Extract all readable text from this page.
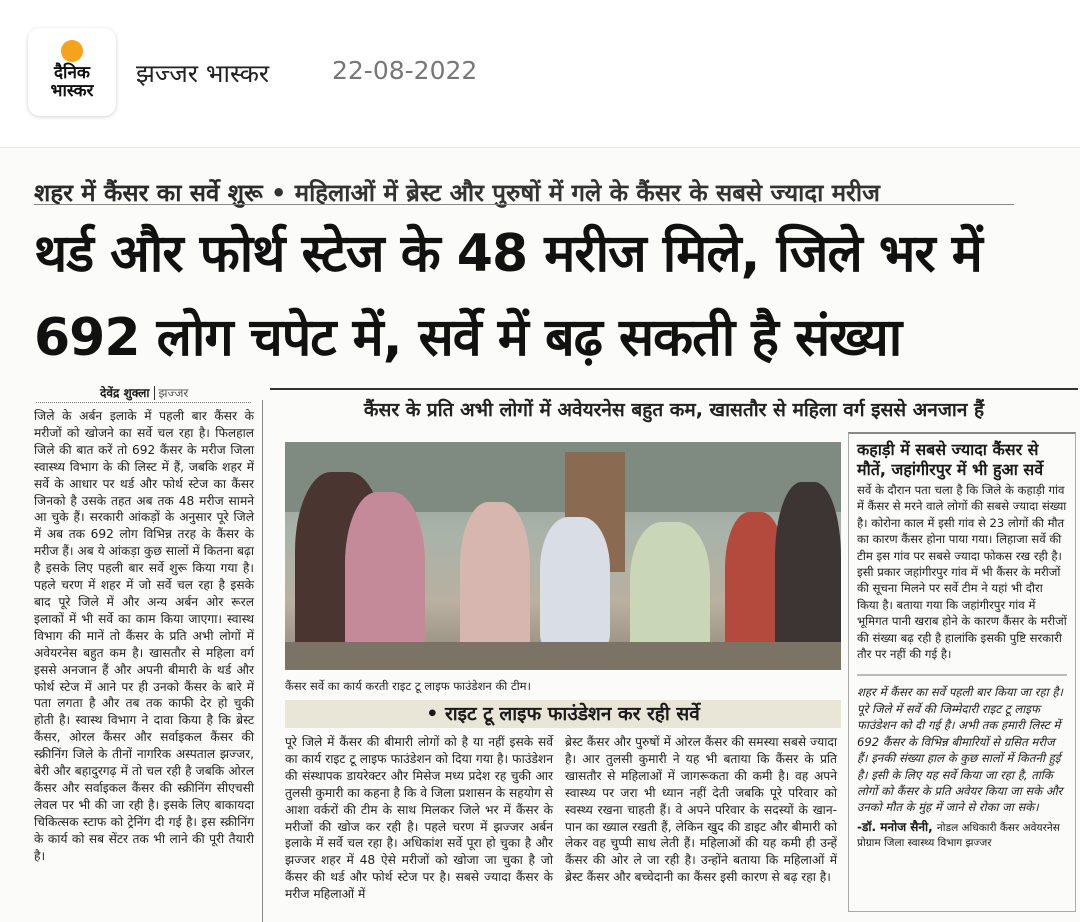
दैनिक
भास्कर
झज्जर भास्कर	22-08-2022
शहर में कैंसर का सर्वे शुरू • महिलाओं में ब्रेस्ट और पुरुषों में गले के कैंसर के सबसे ज्यादा मरीज
थर्ड और फोर्थ स्टेज के 48 मरीज मिले, जिले भर में 692 लोग चपेट में, सर्वे में बढ़ सकती है संख्या
देवेंद्र शुक्ला झज्जर
जिले के अर्बन इलाके में पहली बार कैंसर के मरीजों को खोजने का सर्वे चल रहा है। फिलहाल जिले की बात करें तो 692 कैंसर के मरीज जिला स्वास्थ्य विभाग के की लिस्ट में हैं, जबकि शहर में सर्वे के आधार पर थर्ड और फोर्थ स्टेज का कैंसर जिनको है उसके तहत अब तक 48 मरीज सामने आ चुके हैं। सरकारी आंकड़ों के अनुसार पूरे जिले में अब तक 692 लोग विभिन्न तरह के कैंसर के मरीज हैं। अब ये आंकड़ा कुछ सालों में कितना बढ़ा है इसके लिए पहली बार सर्वे शुरू किया गया है। पहले चरण में शहर में जो सर्वे चल रहा है इसके बाद पूरे जिले में और अन्य अर्बन ओर रूरल इलाकों में भी सर्वे का काम किया जाएगा। स्वास्थ विभाग की मानें तो कैंसर के प्रति अभी लोगों में अवेयरनेस बहुत कम है। खासतौर से महिला वर्ग इससे अनजान हैं और अपनी बीमारी के थर्ड और फोर्थ स्टेज में आने पर ही उनको कैंसर के बारे में पता लगता है और तब तक काफी देर हो चुकी होती है। स्वास्थ विभाग ने दावा किया है कि ब्रेस्ट कैंसर, ओरल कैंसर और सर्वाइकल कैंसर की स्क्रीनिंग जिले के तीनों नागरिक अस्पताल झज्जर, बेरी और बहादुरगढ़ में तो चल रही है जबकि ओरल कैंसर और सर्वाइकल कैंसर की स्क्रीनिंग सीएचसी लेवल पर भी की जा रही है। इसके लिए बाकायदा चिकित्सक स्टाफ को ट्रेनिंग दी गई है। इस स्क्रीनिंग के कार्य को सब सेंटर तक भी लाने की पूरी तैयारी है।
कैंसर के प्रति अभी लोगों में अवेयरनेस बहुत कम, खासतौर से महिला वर्ग इससे अनजान हैं
कैंसर सर्वे का कार्य करती राइट टू लाइफ फाउंडेशन की टीम।
• राइट टू लाइफ फाउंडेशन कर रही सर्वे
पूरे जिले में कैंसर की बीमारी लोगों को है या नहीं इसके सर्वे का कार्य राइट टू लाइफ फाउंडेशन को दिया गया है। फाउंडेशन की संस्थापक डायरेक्टर और मिसेज मध्य प्रदेश रह चुकी आर तुलसी कुमारी का कहना है कि वे जिला प्रशासन के सहयोग से आशा वर्करों की टीम के साथ मिलकर जिले भर में कैंसर के मरीजों की खोज कर रही है। पहले चरण में झज्जर अर्बन इलाके में सर्वे चल रहा है। अधिकांश सर्वे पूरा हो चुका है और झज्जर शहर में 48 ऐसे मरीजों को खोजा जा चुका है जो कैंसर की थर्ड और फोर्थ स्टेज पर है। सबसे ज्यादा कैंसर के मरीज महिलाओं में
ब्रेस्ट कैंसर और पुरुषों में ओरल कैंसर की समस्या सबसे ज्यादा है। आर तुलसी कुमारी ने यह भी बताया कि कैंसर के प्रति खासतौर से महिलाओं में जागरूकता की कमी है। वह अपने स्वास्थ्य पर जरा भी ध्यान नहीं देती जबकि पूरे परिवार को स्वस्थ्य रखना चाहती हैं। वे अपने परिवार के सदस्यों के खान-पान का ख्याल रखती हैं, लेकिन खुद की डाइट और बीमारी को लेकर वह चुप्पी साध लेती हैं। महिलाओं की यह कमी ही उन्हें कैंसर की ओर ले जा रही है। उन्होंने बताया कि महिलाओं में ब्रेस्ट कैंसर और बच्चेदानी का कैंसर इसी कारण से बढ़ रहा है।
कहाड़ी में सबसे ज्यादा कैंसर से मौतें, जहांगीरपुर में भी हुआ सर्वे

सर्वे के दौरान पता चला है कि जिले के कहाड़ी गांव में कैंसर से मरने वाले लोगों की सबसे ज्यादा संख्या है। कोरोना काल में इसी गांव से 23 लोगों की मौत का कारण कैंसर होना पाया गया। लिहाजा सर्वे की टीम इस गांव पर सबसे ज्यादा फोकस रख रही है। इसी प्रकार जहांगीरपुर गांव में भी कैंसर के मरीजों की सूचना मिलने पर सर्वे टीम ने यहां भी दौरा किया है। बताया गया कि जहांगीरपुर गांव में भूमिगत पानी खराब होने के कारण कैंसर के मरीजों की संख्या बढ़ रही है हालांकि इसकी पुष्टि सरकारी तौर पर नहीं की गई है।

शहर में कैंसर का सर्वे पहली बार किया जा रहा है। पूरे जिले में सर्वे की जिम्मेदारी राइट टू लाइफ फाउंडेशन को दी गई है। अभी तक हमारी लिस्ट में 692 कैंसर के विभिन्न बीमारियों से ग्रसित मरीज हैं। इनकी संख्या हाल के कुछ सालों में कितनी हुई है। इसी के लिए यह सर्वे किया जा रहा है, ताकि लोगों को कैंसर के प्रति अवेयर किया जा सके और उनको मौत के मुंह में जाने से रोका जा सके।

-डॉ. मनोज सैनी, नोडल अधिकारी कैंसर अवेयरनेस प्रोग्राम जिला स्वास्थ्य विभाग झज्जर
